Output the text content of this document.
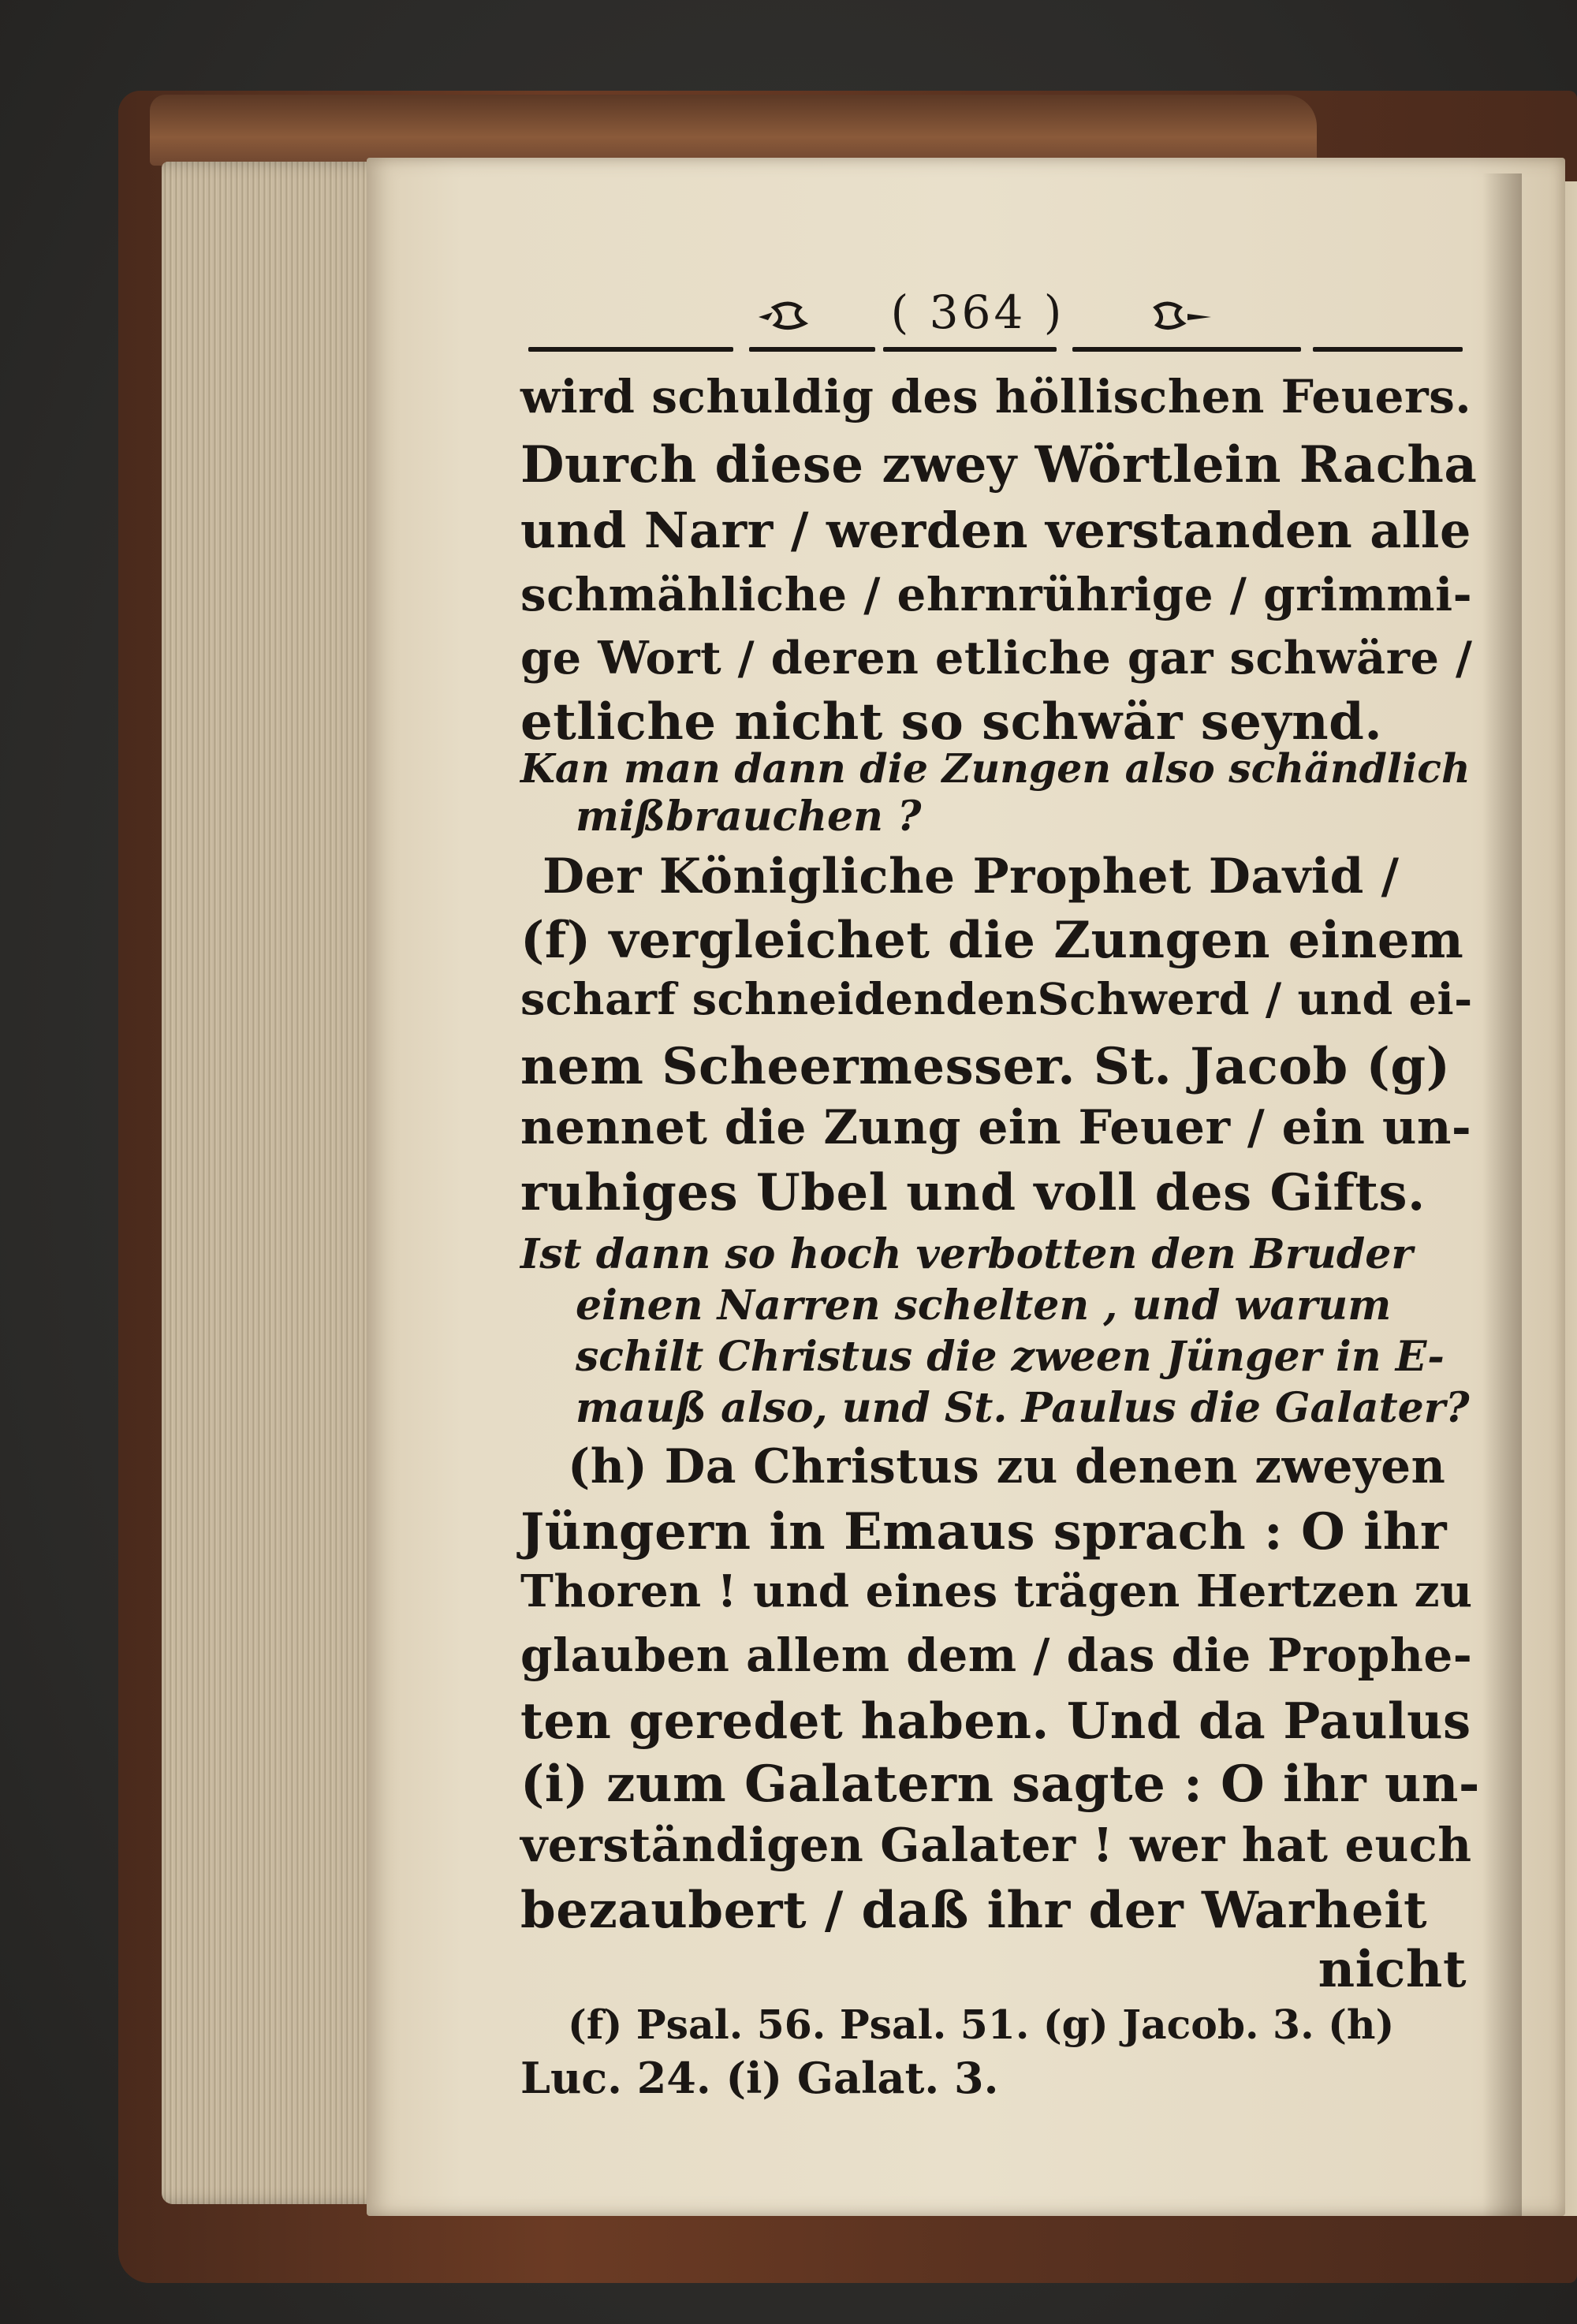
( 364 )
wird schuldig des höllischen Feuers.
Durch diese zwey Wörtlein Racha
und Narr / werden verstanden alle
schmähliche / ehrnrührige / grimmi-
ge Wort / deren etliche gar schwäre /
etliche nicht so schwär seynd.
Kan man dann die Zungen also schändlich
mißbrauchen ?
Der Königliche Prophet David /
(f) vergleichet die Zungen einem
scharf schneidendenSchwerd / und ei-
nem Scheermesser. St. Jacob (g)
nennet die Zung ein Feuer / ein un-
ruhiges Ubel und voll des Gifts.
Ist dann so hoch verbotten den Bruder
einen Narren schelten , und warum
schilt Christus die zween Jünger in E-
mauß also, und St. Paulus die Galater?
(h) Da Christus zu denen zweyen
Jüngern in Emaus sprach : O ihr
Thoren ! und eines trägen Hertzen zu
glauben allem dem / das die Prophe-
ten geredet haben. Und da Paulus
(i) zum Galatern sagte : O ihr un-
verständigen Galater ! wer hat euch
bezaubert / daß ihr der Warheit
nicht
(f) Psal. 56. Psal. 51. (g) Jacob. 3. (h)
Luc. 24. (i) Galat. 3.
